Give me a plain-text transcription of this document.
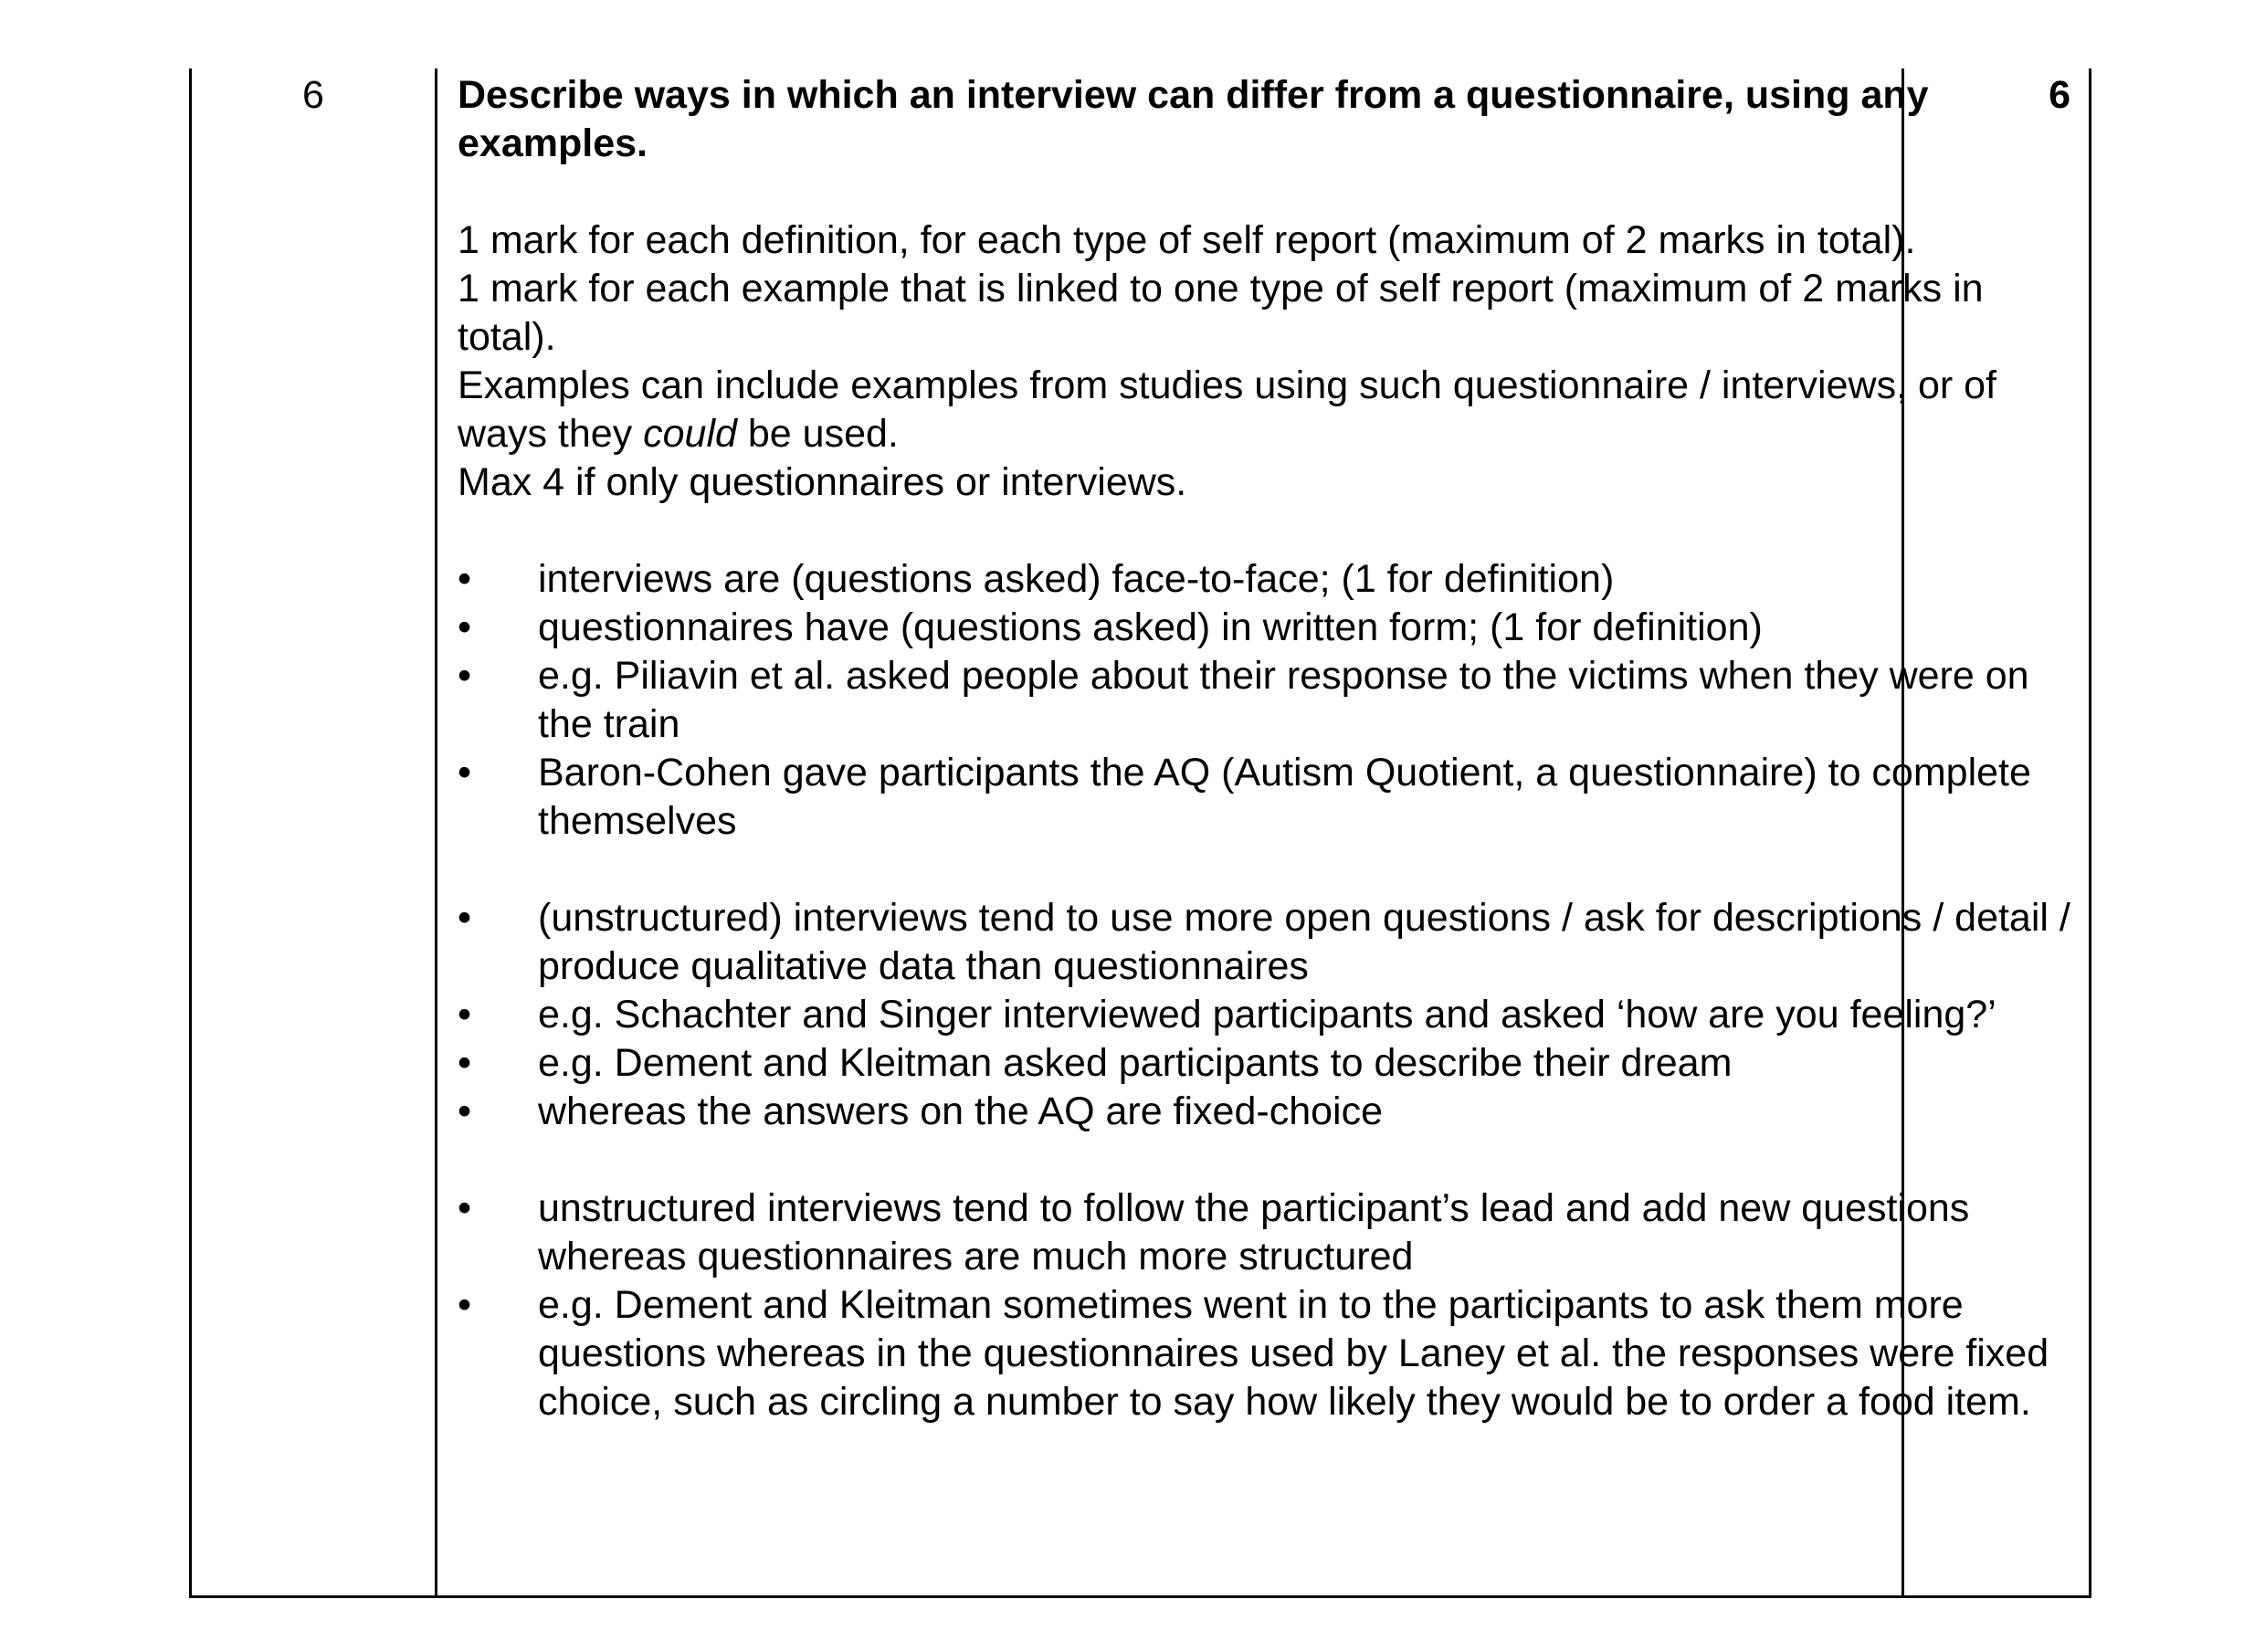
6	Describe ways in which an interview can differ from a questionnaire, using any examples.

1 mark for each definition, for each type of self report (maximum of 2 marks in total).

1 mark for each example that is linked to one type of self report (maximum of 2 marks in total).

Examples can include examples from studies using such questionnaire / interviews, or of ways they could be used.

Max 4 if only questionnaires or interviews.

• interviews are (questions asked) face-to-face; (1 for definition)
• questionnaires have (questions asked) in written form; (1 for definition)
• e.g. Piliavin et al. asked people about their response to the victims when they were on the train
• Baron-Cohen gave participants the AQ (Autism Quotient, a questionnaire) to complete themselves
• (unstructured) interviews tend to use more open questions / ask for descriptions / detail / produce qualitative data than questionnaires
• e.g. Schachter and Singer interviewed participants and asked ‘how are you feeling?’
• e.g. Dement and Kleitman asked participants to describe their dream
• whereas the answers on the AQ are fixed-choice
• unstructured interviews tend to follow the participant’s lead and add new questions whereas questionnaires are much more structured
• e.g. Dement and Kleitman sometimes went in to the participants to ask them more questions whereas in the questionnaires used by Laney et al. the responses were fixed choice, such as circling a number to say how likely they would be to order a food item.
6
